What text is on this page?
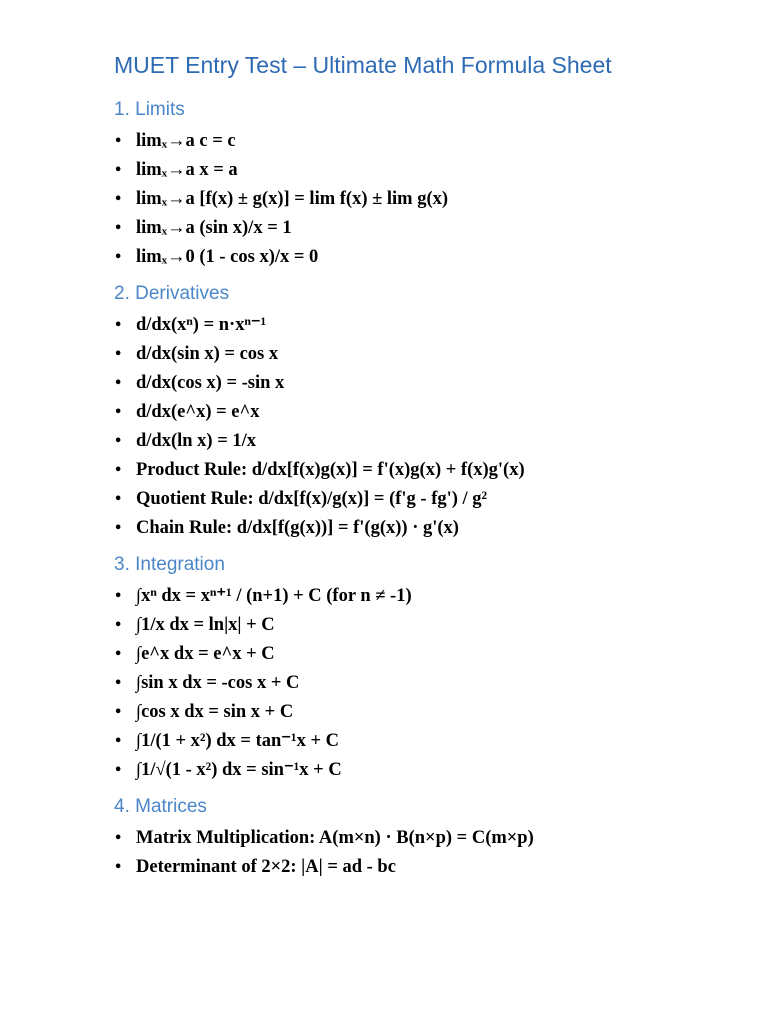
MUET Entry Test – Ultimate Math Formula Sheet
1. Limits
• limₓ→a c = c
• limₓ→a x = a
• limₓ→a [f(x) ± g(x)] = lim f(x) ± lim g(x)
• limₓ→a (sin x)/x = 1
• limₓ→0 (1 - cos x)/x = 0
2. Derivatives
• d/dx(xⁿ) = n·xⁿ⁻¹
• d/dx(sin x) = cos x
• d/dx(cos x) = -sin x
• d/dx(e^x) = e^x
• d/dx(ln x) = 1/x
• Product Rule: d/dx[f(x)g(x)] = f'(x)g(x) + f(x)g'(x)
• Quotient Rule: d/dx[f(x)/g(x)] = (f'g - fg') / g²
• Chain Rule: d/dx[f(g(x))] = f'(g(x)) · g'(x)
3. Integration
• ∫xⁿ dx = xⁿ⁺¹ / (n+1) + C (for n ≠ -1)
• ∫1/x dx = ln|x| + C
• ∫e^x dx = e^x + C
• ∫sin x dx = -cos x + C
• ∫cos x dx = sin x + C
• ∫1/(1 + x²) dx = tan⁻¹x + C
• ∫1/√(1 - x²) dx = sin⁻¹x + C
4. Matrices
• Matrix Multiplication: A(m×n) · B(n×p) = C(m×p)
• Determinant of 2×2: |A| = ad - bc
